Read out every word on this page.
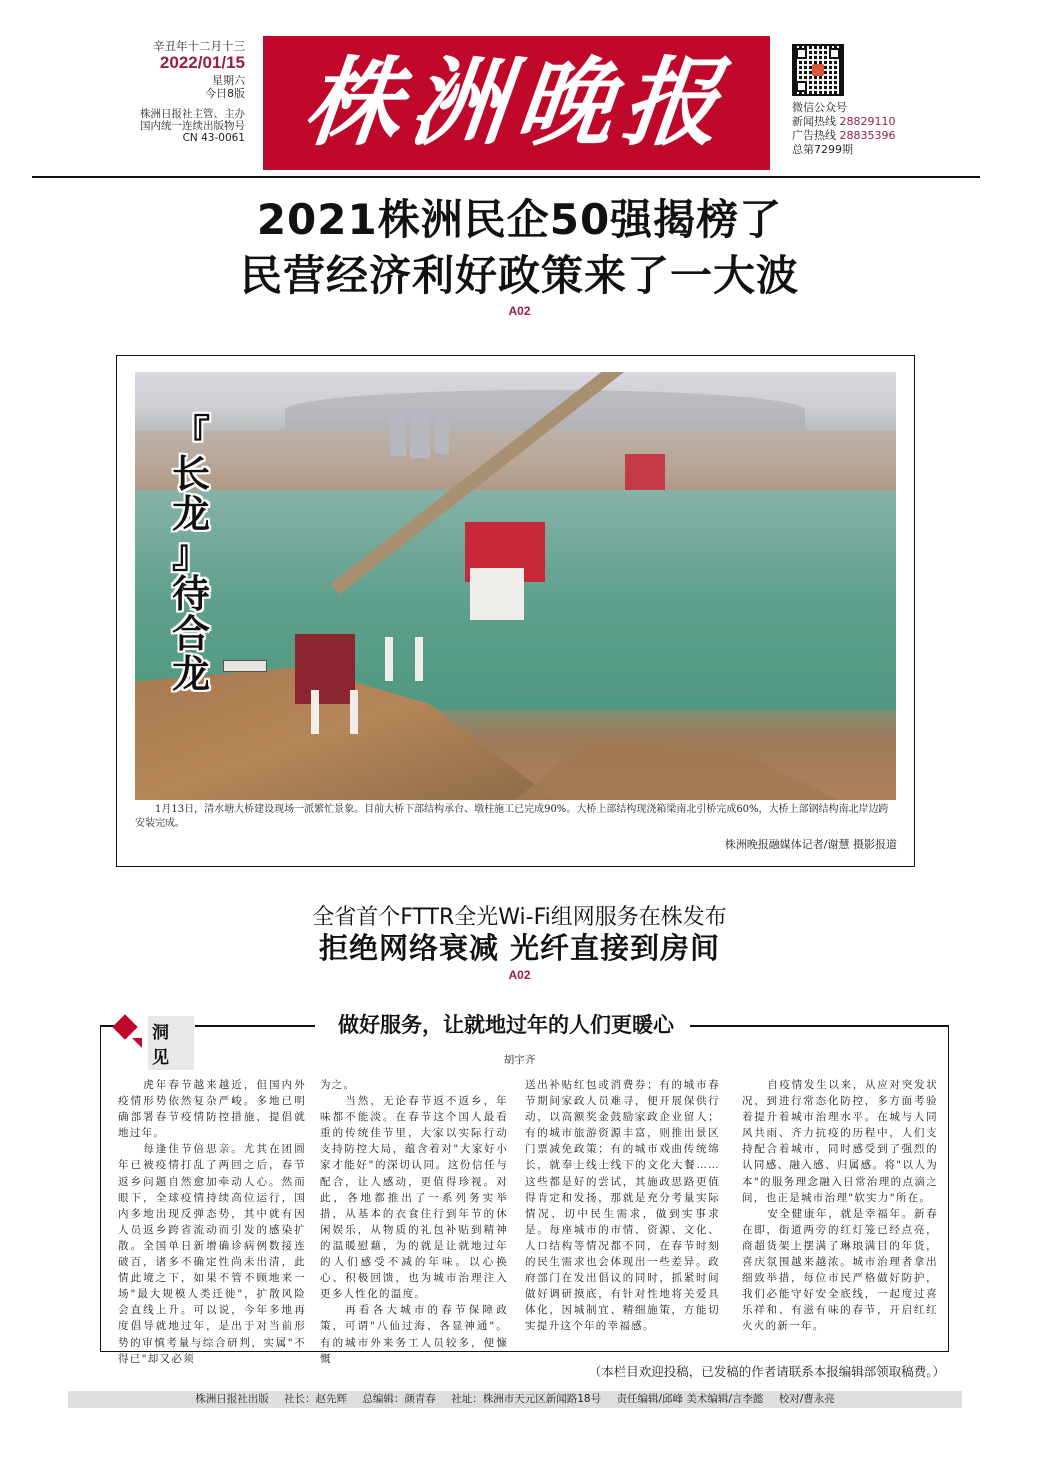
辛丑年十二月十三
2022/01/15
星期六
今日8版
株洲日报社主管、主办
国内统一连续出版物号
CN 43-0061 株洲晚报	微信公众号
新闻热线 28829110
广告热线 28835396
总第7299期
2021株洲民企50强揭榜了
民营经济利好政策来了一大波
A02
『
长
龙
』
待
合
龙
1月13日，清水塘大桥建设现场一派繁忙景象。目前大桥下部结构承台、墩柱施工已完成90%。大桥上部结构现浇箱梁南北引桥完成60%，大桥上部钢结构南北岸边跨安装完成。
株洲晚报融媒体记者/谢慧 摄影报道
全省首个FTTR全光Wi-Fi组网服务在株发布
拒绝网络衰减 光纤直接到房间
A02
洞见
做好服务，让就地过年的人们更暖心
胡宇齐

虎年春节越来越近，但国内外疫情形势依然复杂严峻。多地已明确部署春节疫情防控措施，提倡就地过年。

每逢佳节倍思亲。尤其在团圆年已被疫情打乱了两回之后，春节返乡问题自然愈加牵动人心。然而眼下，全球疫情持续高位运行，国内多地出现反弹态势，其中就有因人员返乡跨省流动而引发的感染扩散。全国单日新增确诊病例数接连破百，诸多不确定性尚未出清，此情此境之下，如果不管不顾地来一场"最大规模人类迁徙"，扩散风险会直线上升。可以说，今年多地再度倡导就地过年，是出于对当前形势的审慎考量与综合研判，实属"不得已"却又必须

为之。

当然，无论春节返不返乡，年味都不能淡。在春节这个国人最看重的传统佳节里，大家以实际行动支持防控大局，蕴含着对"大家好小家才能好"的深切认同。这份信任与配合，让人感动，更值得珍视。对此，各地都推出了一系列务实举措，从基本的衣食住行到年节的休闲娱乐，从物质的礼包补贴到精神的温暖慰藉，为的就是让就地过年的人们感受不减的年味。以心换心、积极回馈，也为城市治理注入更多人性化的温度。

再看各大城市的春节保障政策，可谓"八仙过海、各显神通"。有的城市外来务工人员较多，便慷慨

送出补贴红包或消费券；有的城市春节期间家政人员难寻，便开展保供行动，以高额奖金鼓励家政企业留人；有的城市旅游资源丰富，则推出景区门票减免政策；有的城市戏曲传统绵长，就奉上线上线下的文化大餐……这些都是好的尝试，其施政思路更值得肯定和发扬，那就是充分考量实际情况、切中民生需求，做到实事求是。每座城市的市情、资源、文化、人口结构等情况都不同，在春节时刻的民生需求也会体现出一些差异。政府部门在发出倡议的同时，抓紧时间做好调研摸底，有针对性地将关爱具体化，因城制宜、精细施策，方能切实提升这个年的幸福感。

自疫情发生以来，从应对突发状况，到进行常态化防控，多方面考验着提升着城市治理水平。在城与人同风共雨、齐力抗疫的历程中，人们支持配合着城市，同时感受到了强烈的认同感、融入感、归属感。将"以人为本"的服务理念融入日常治理的点滴之间，也正是城市治理"软实力"所在。

安全健康年，就是幸福年。新春在即，街道两旁的红灯笼已经点亮，商超货架上摆满了琳琅满目的年货，喜庆氛围越来越浓。城市治理者拿出细致举措，每位市民严格做好防护，我们必能守好安全底线，一起度过喜乐祥和、有滋有味的春节，开启红红火火的新一年。

（本栏目欢迎投稿，已发稿的作者请联系本报编辑部领取稿费。）
株洲日报社出版 社长：赵先辉 总编辑：颜青春 社址：株洲市天元区新闻路18号 责任编辑/邱峰 美术编辑/言李懿 校对/曹永亮
